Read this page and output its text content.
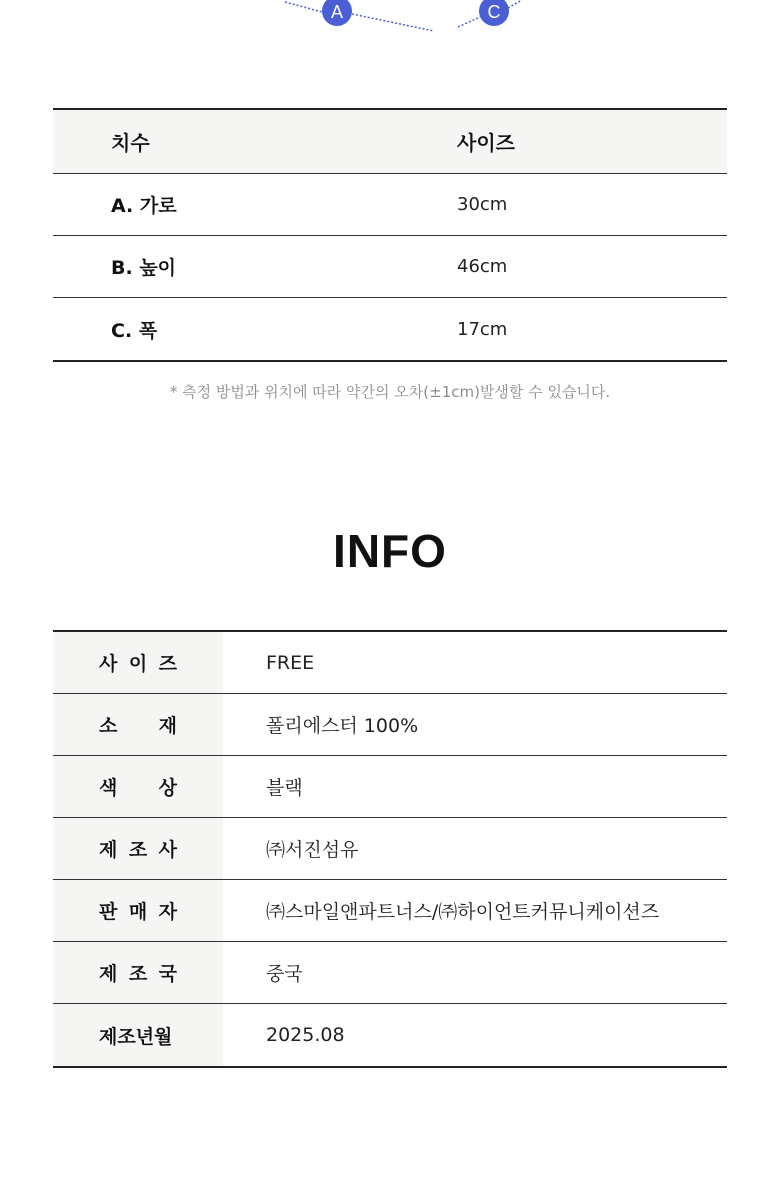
A	C
치수	사이즈
A. 가로	30cm
B. 높이	46cm
C. 폭	17cm
* 측정 방법과 위치에 따라 약간의 오차(±1cm)발생할 수 있습니다.
INFO
사 이 즈	FREE
소 재	폴리에스터 100%
색 상	블랙
제 조 사	㈜서진섬유
판 매 자	㈜스마일앤파트너스/㈜하이언트커뮤니케이션즈
제 조 국	중국
제조년월	2025.08
